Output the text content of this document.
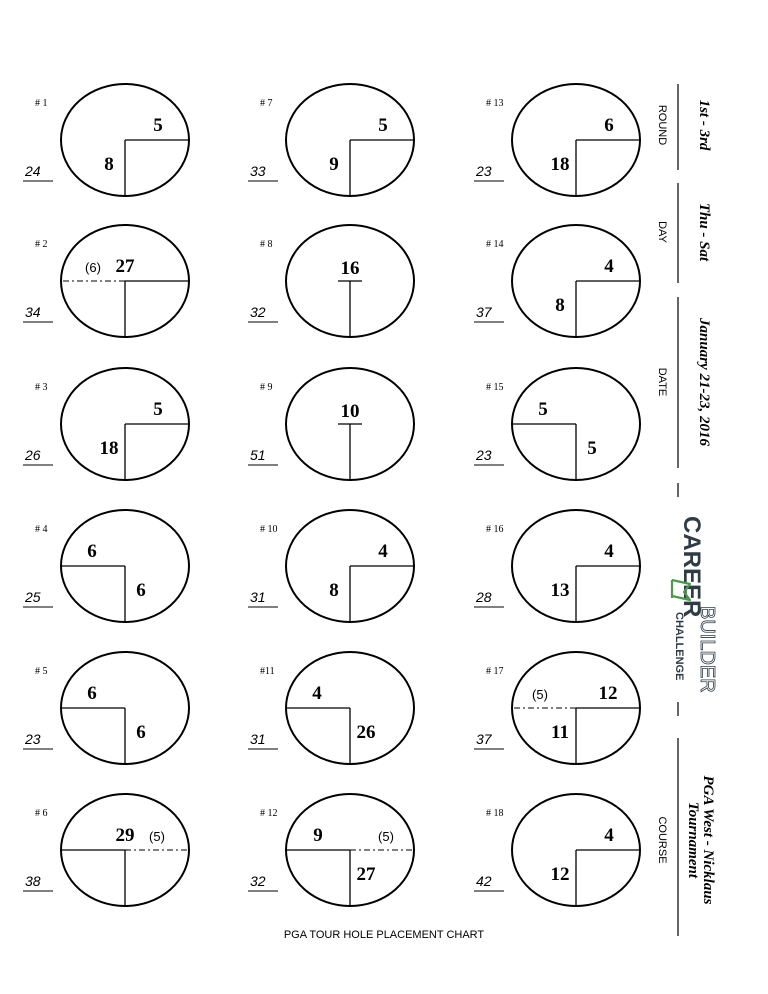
# 1
24
5
8
# 2
34
27
(6)
# 3
26
5
18
# 4
25
6
6
# 5
23
6
6
# 6
38
29 (5)
# 7
33
5
9
# 8
32
16
# 9
51
10
# 10
31
4
8
#11
31
4
26
# 12
32
9	(5)
27
# 13
23
6
18
# 14
37
4
8
# 15
23
5
5
# 16
28
4
13
# 17
37
12
(5)
11
# 18
42
4
12
ROUND 1st - 3rd
DAY Thu - Sat
DATE January 21-23, 2016
CAREER
BUILDER
CHALLENGE
COURSE PGA West - Nicklaus
Tournament
PGA TOUR HOLE PLACEMENT CHART
